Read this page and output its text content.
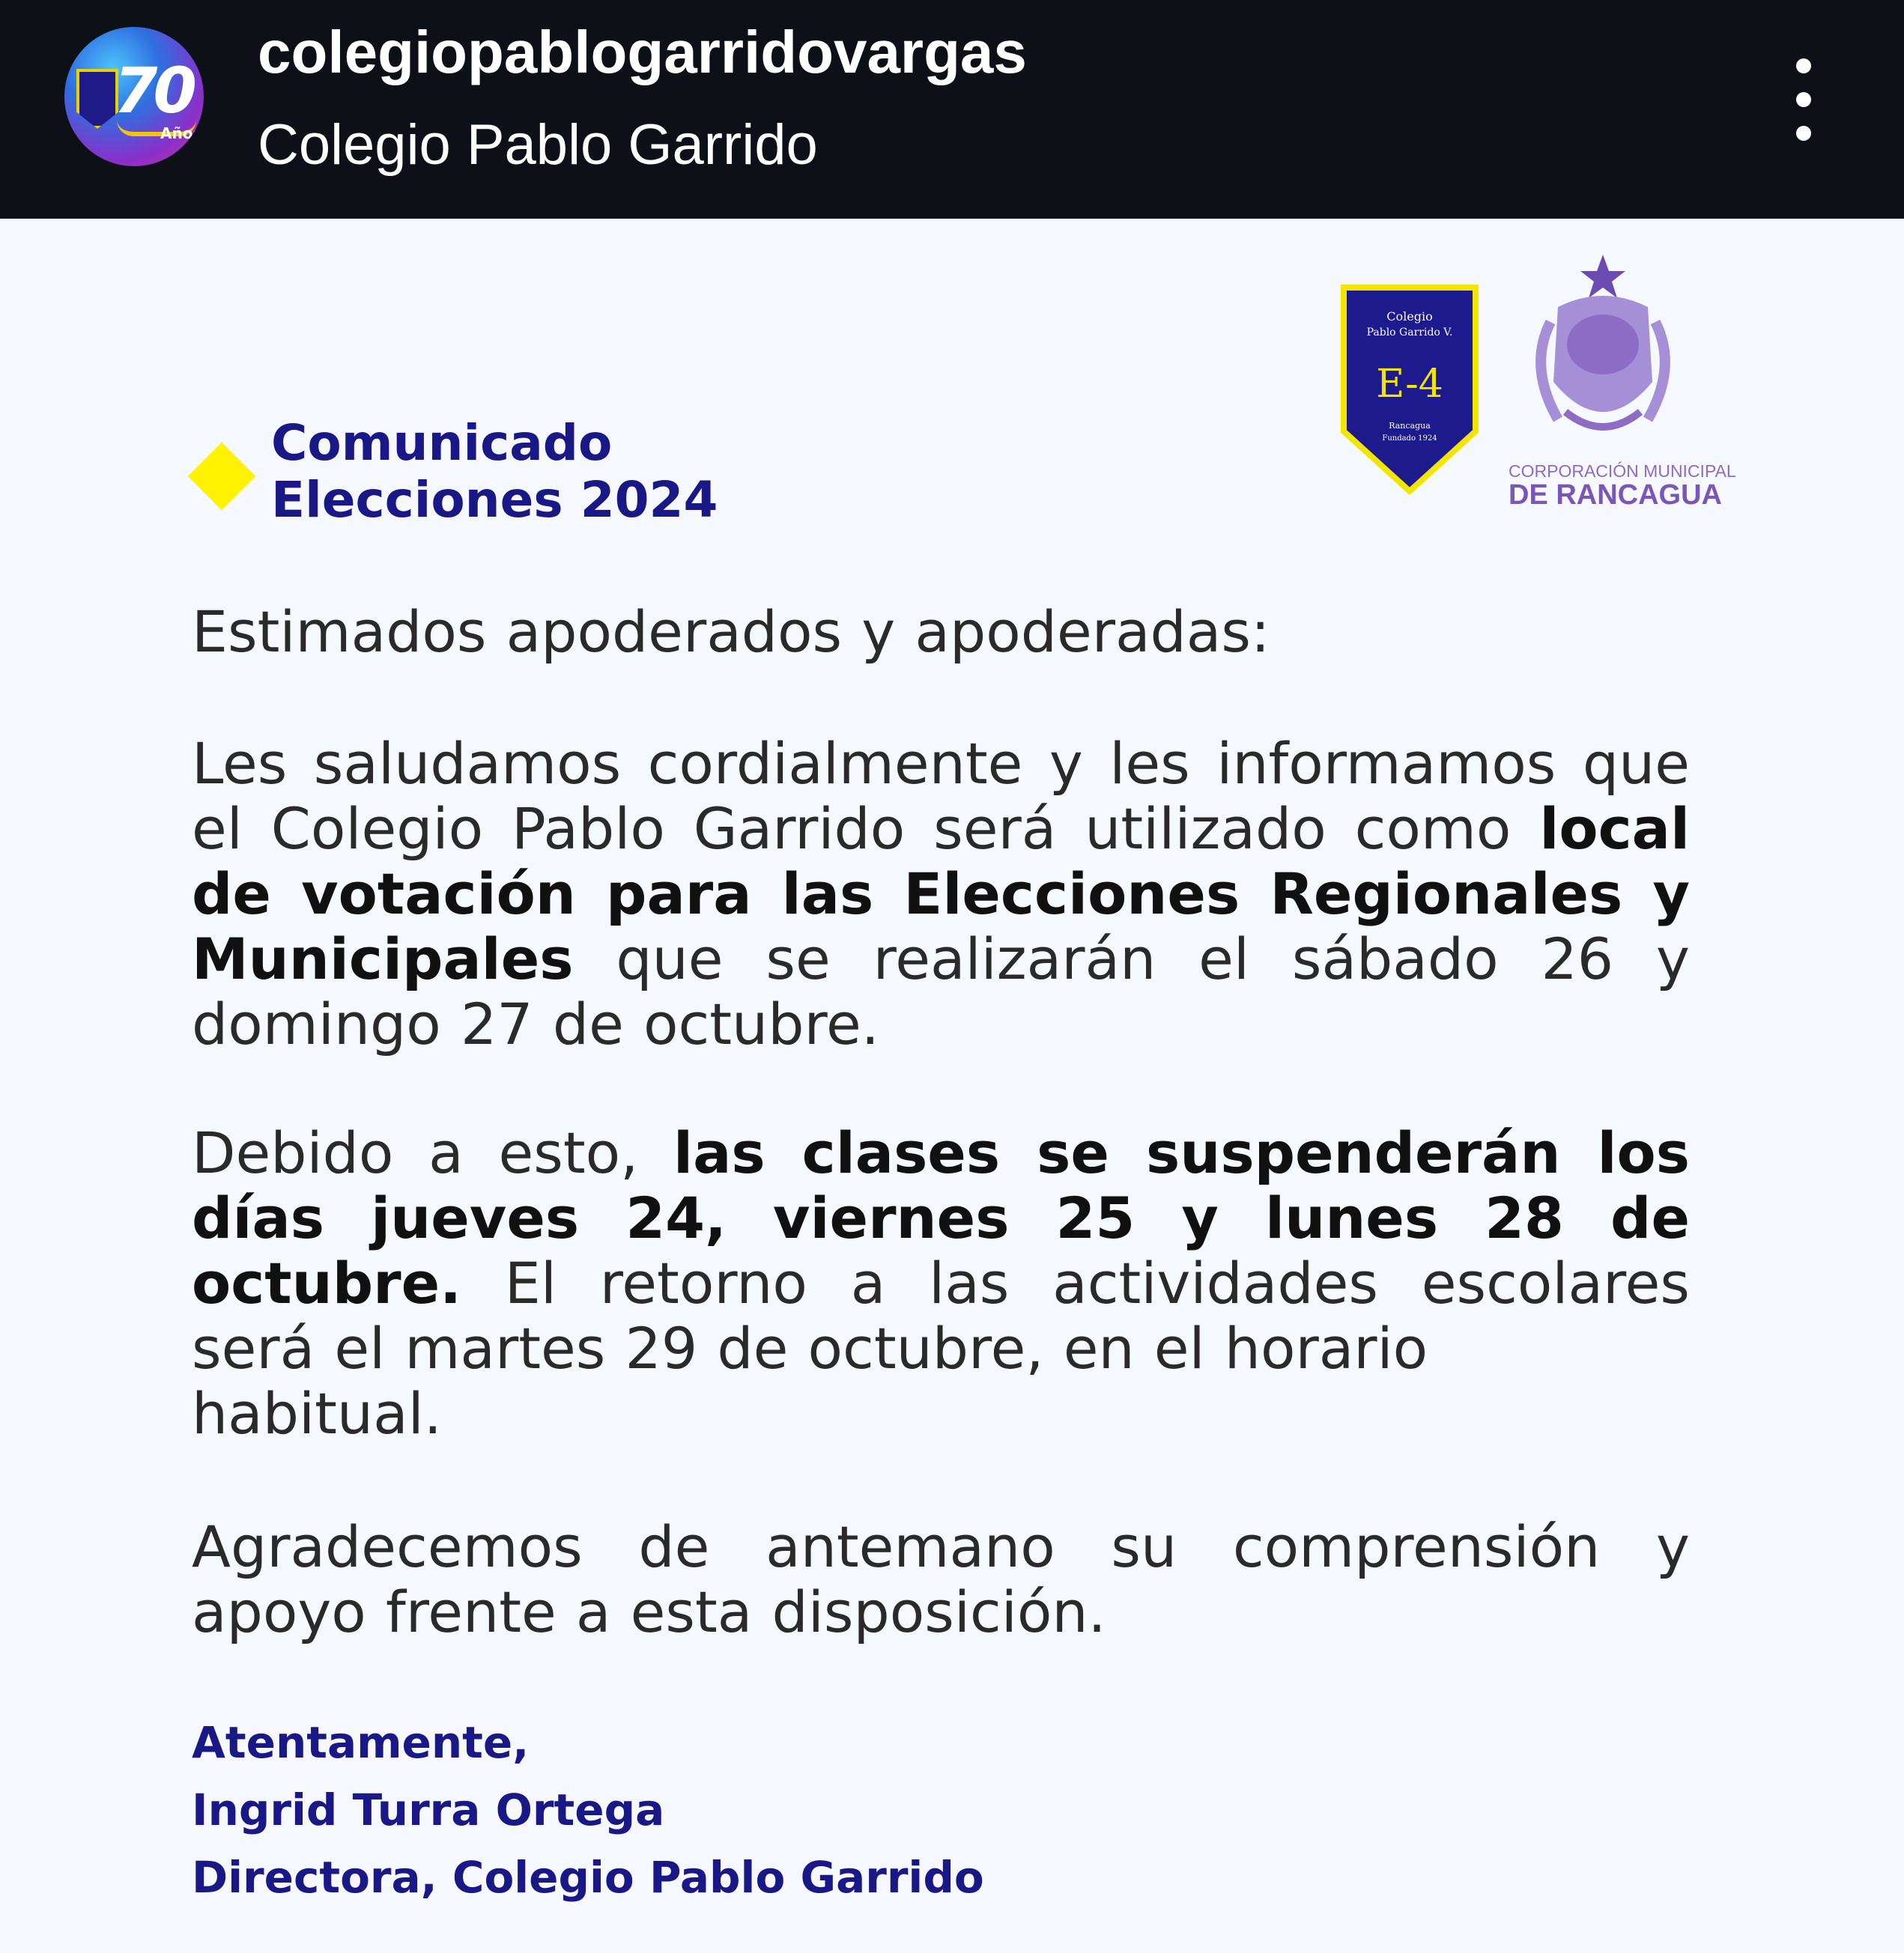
70
Años
colegiopablogarridovargas
Colegio Pablo Garrido
Comunicado
Elecciones 2024
Colegio
Pablo Garrido V.
E-4
Rancagua
Fundado 1924
CORPORACIÓN MUNICIPAL
DE RANCAGUA
Estimados apoderados y apoderadas:
Les saludamos cordialmente y les informamos que el Colegio Pablo Garrido será utilizado como local de votación para las Elecciones Regionales y Municipales que se realizarán el sábado 26 y domingo 27 de octubre.
Debido a esto, las clases se suspenderán los días jueves 24, viernes 25 y lunes 28 de octubre. El retorno a las actividades escolares será el martes 29 de octubre, en el horario
habitual.
Agradecemos de antemano su comprensión y apoyo frente a esta disposición.
Atentamente,
Ingrid Turra Ortega
Directora, Colegio Pablo Garrido
